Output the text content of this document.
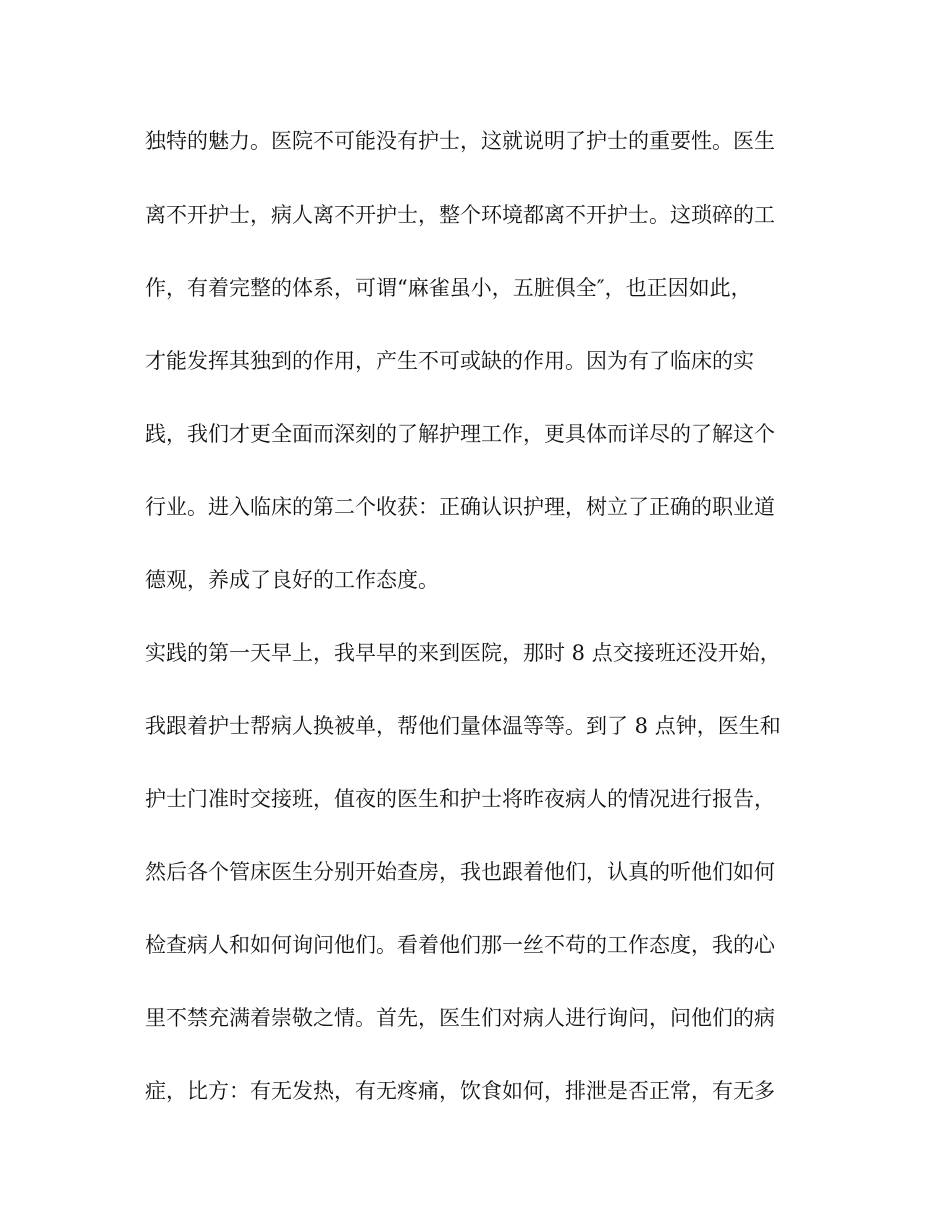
独特的魅力。医院不可能没有护士，这就说明了护士的重要性。医生
离不开护士，病人离不开护士，整个环境都离不开护士。这琐碎的工
作，有着完整的体系，可谓“麻雀虽小，五脏俱全″，也正因如此，
才能发挥其独到的作用，产生不可或缺的作用。因为有了临床的实
践，我们才更全面而深刻的了解护理工作，更具体而详尽的了解这个
行业。进入临床的第二个收获：正确认识护理，树立了正确的职业道
德观，养成了良好的工作态度。
实践的第一天早上，我早早的来到医院，那时 8 点交接班还没开始，
我跟着护士帮病人换被单，帮他们量体温等等。到了 8 点钟，医生和
护士门准时交接班，值夜的医生和护士将昨夜病人的情况进行报告，
然后各个管床医生分别开始查房，我也跟着他们，认真的听他们如何
检查病人和如何询问他们。看着他们那一丝不苟的工作态度，我的心
里不禁充满着崇敬之情。首先，医生们对病人进行询问，问他们的病
症，比方：有无发热，有无疼痛，饮食如何，排泄是否正常，有无多
